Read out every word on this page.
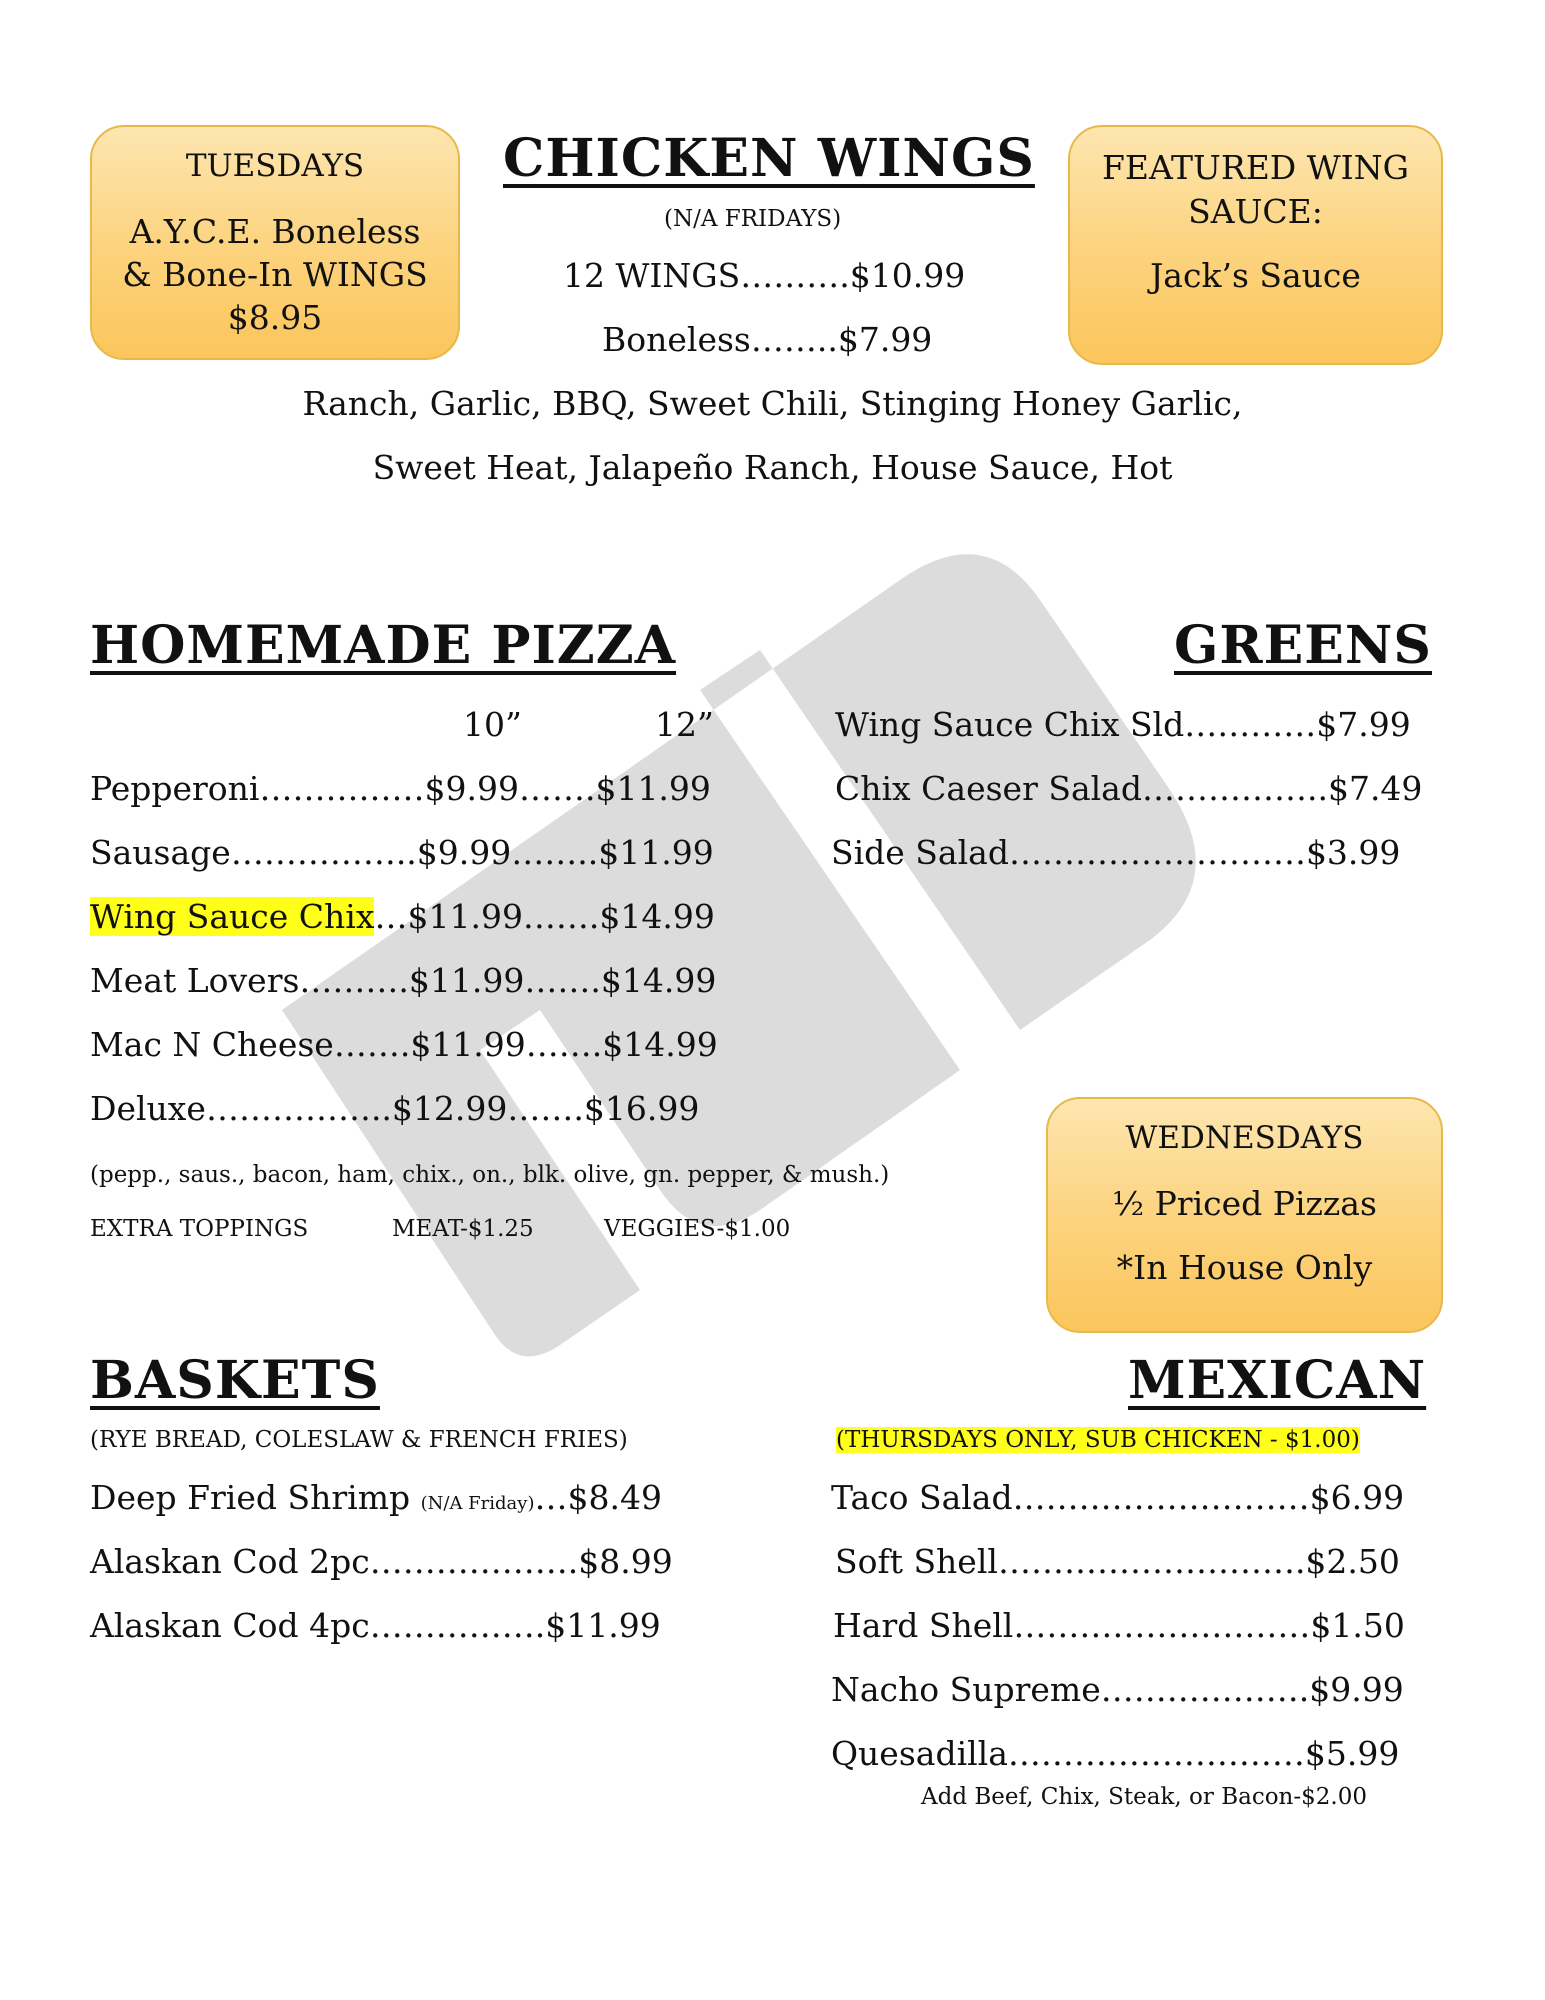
TUESDAYS
A.Y.C.E. Boneless
& Bone-In WINGS
$8.95
FEATURED WING
SAUCE:
Jack’s Sauce
CHICKEN WINGS
(N/A FRIDAYS)
12 WINGS……….$10.99
Boneless……..$7.99
Ranch, Garlic, BBQ, Sweet Chili, Stinging Honey Garlic,
Sweet Heat, Jalapeño Ranch, House Sauce, Hot
HOMEMADE PIZZA
10”	12”
Pepperoni……………$9.99…….$11.99
Sausage……………..$9.99……..$11.99
Wing Sauce Chix…$11.99…….$14.99
Meat Lovers……….$11.99…….$14.99
Mac N Cheese…….$11.99…….$14.99
Deluxe……………..$12.99…….$16.99
(pepp., saus., bacon, ham, chix., on., blk. olive, gn. pepper, & mush.)
EXTRA TOPPINGS	MEAT-$1.25	VEGGIES-$1.00
GREENS
Wing Sauce Chix Sld…………$7.99
Chix Caeser Salad……………..$7.49
Side Salad………………………$3.99
WEDNESDAYS
½ Priced Pizzas
*In House Only
BASKETS
(RYE BREAD, COLESLAW & FRENCH FRIES)
Deep Fried Shrimp (N/A Friday)…$8.49
Alaskan Cod 2pc……………….$8.99
Alaskan Cod 4pc…………….$11.99
MEXICAN
(THURSDAYS ONLY, SUB CHICKEN - $1.00)
Taco Salad………………………$6.99
Soft Shell……………………….$2.50
Hard Shell………………………$1.50
Nacho Supreme……………….$9.99
Quesadilla………………………$5.99
Add Beef, Chix, Steak, or Bacon-$2.00
